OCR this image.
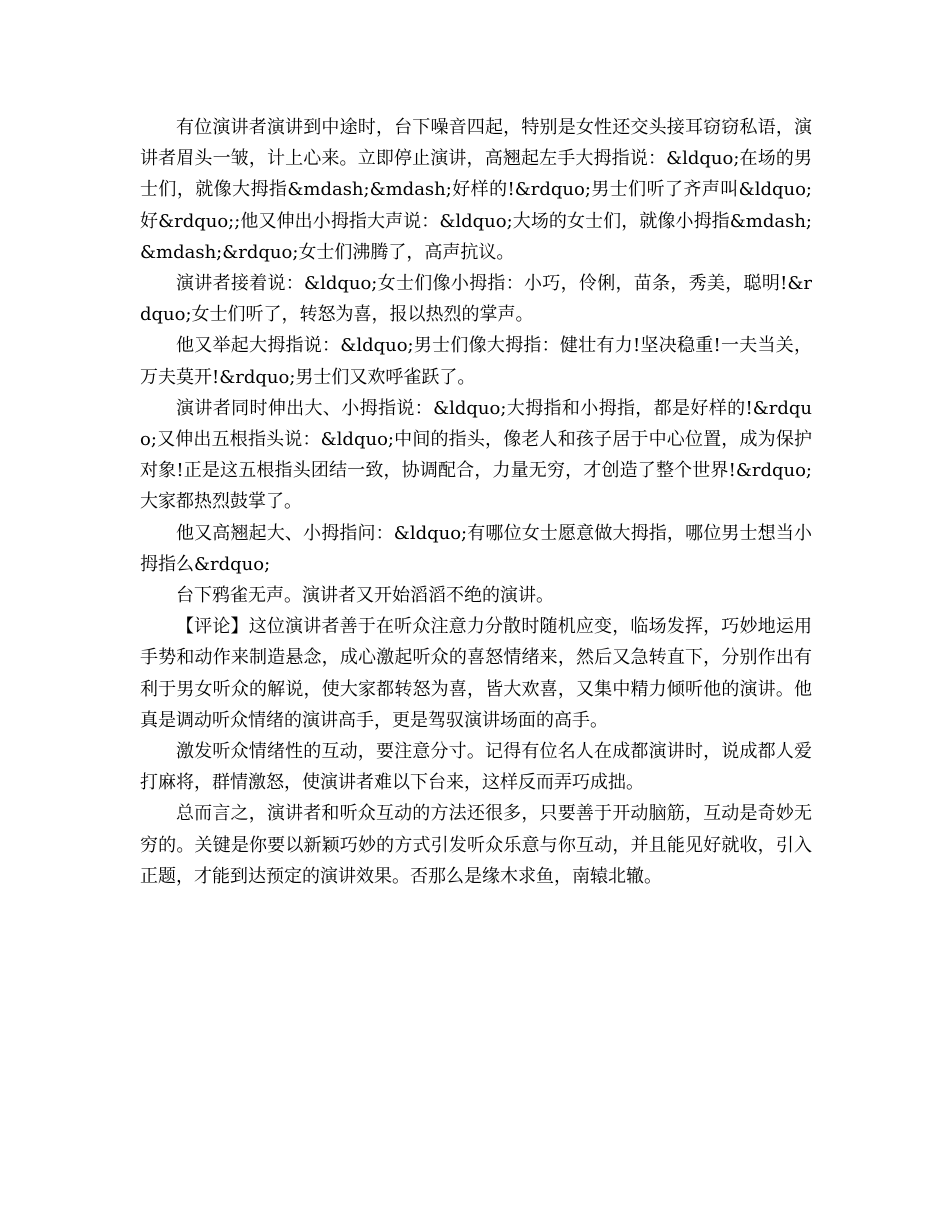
有位演讲者演讲到中途时，台下噪音四起，特别是女性还交头接耳窃窃私语，演讲者眉头一皱，计上心来。立即停止演讲，高翘起左手大拇指说：&ldquo;在场的男士们，就像大拇指&mdash;&mdash;好样的!&rdquo;男士们听了齐声叫&ldquo;好&rdquo;;他又伸出小拇指大声说：&ldquo;大场的女士们，就像小拇指&mdash;&mdash;&rdquo;女士们沸腾了，高声抗议。

演讲者接着说：&ldquo;女士们像小拇指：小巧，伶俐，苗条，秀美，聪明!&rdquo;女士们听了，转怒为喜，报以热烈的掌声。

他又举起大拇指说：&ldquo;男士们像大拇指：健壮有力!坚决稳重!一夫当关，万夫莫开!&rdquo;男士们又欢呼雀跃了。

演讲者同时伸出大、小拇指说：&ldquo;大拇指和小拇指，都是好样的!&rdquo;又伸出五根指头说：&ldquo;中间的指头，像老人和孩子居于中心位置，成为保护对象!正是这五根指头团结一致，协调配合，力量无穷，才创造了整个世界!&rdquo;大家都热烈鼓掌了。

他又高翘起大、小拇指问：&ldquo;有哪位女士愿意做大拇指，哪位男士想当小拇指么&rdquo;

台下鸦雀无声。演讲者又开始滔滔不绝的演讲。

【评论】这位演讲者善于在听众注意力分散时随机应变，临场发挥，巧妙地运用手势和动作来制造悬念，成心激起听众的喜怒情绪来，然后又急转直下，分别作出有利于男女听众的解说，使大家都转怒为喜，皆大欢喜，又集中精力倾听他的演讲。他真是调动听众情绪的演讲高手，更是驾驭演讲场面的高手。

激发听众情绪性的互动，要注意分寸。记得有位名人在成都演讲时，说成都人爱打麻将，群情激怒，使演讲者难以下台来，这样反而弄巧成拙。

总而言之，演讲者和听众互动的方法还很多，只要善于开动脑筋，互动是奇妙无穷的。关键是你要以新颖巧妙的方式引发听众乐意与你互动，并且能见好就收，引入正题，才能到达预定的演讲效果。否那么是缘木求鱼，南辕北辙。
